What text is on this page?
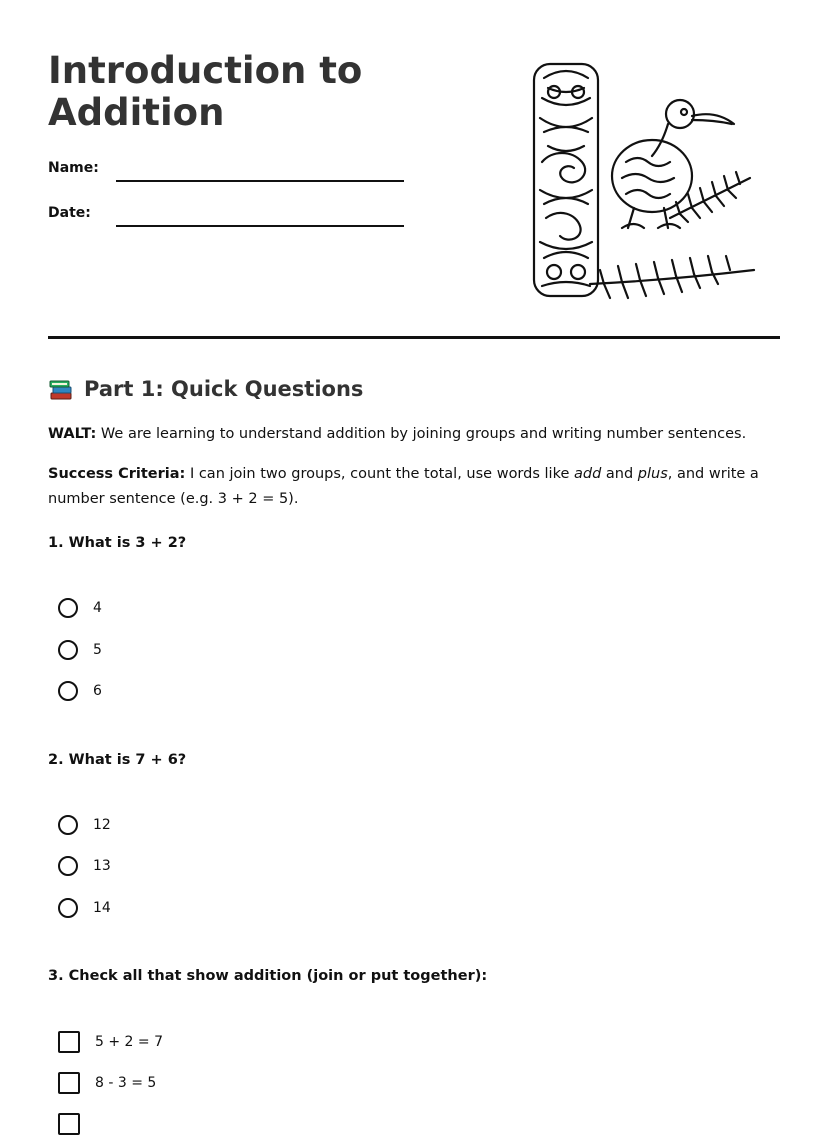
Introduction to Addition
Name:
Date:
Part 1: Quick Questions

WALT: We are learning to understand addition by joining groups and writing number sentences.

Success Criteria: I can join two groups, count the total, use words like add and plus, and write a number sentence (e.g. 3 + 2 = 5).

1. What is 3 + 2?

4
5
6

2. What is 7 + 6?

12
13
14

3. Check all that show addition (join or put together):

5 + 2 = 7
8 - 3 = 5
